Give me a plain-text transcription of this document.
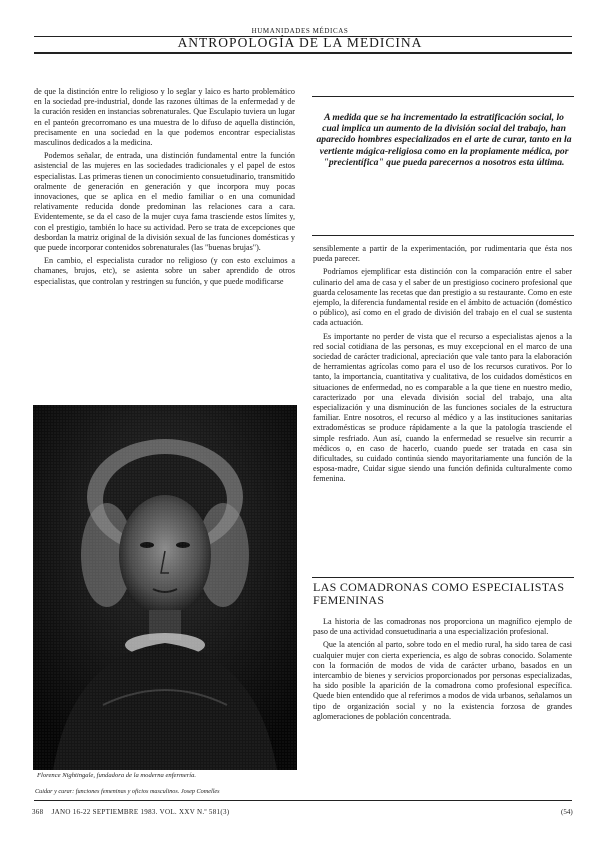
HUMANIDADES MÉDICAS
ANTROPOLOGÍA DE LA MEDICINA

de que la distinción entre lo religioso y lo seglar y laico es harto problemático en la sociedad pre-industrial, donde las razones últimas de la enfermedad y de la curación residen en instancias sobrenaturales. Que Esculapio tuviera un lugar en el panteón grecorromano es una muestra de lo difuso de aquella distinción, precisamente en una sociedad en la que podemos encontrar especialistas masculinos dedicados a la medicina.

Podemos señalar, de entrada, una distinción fundamental entre la función asistencial de las mujeres en las sociedades tradicionales y el papel de estos especialistas. Las primeras tienen un conocimiento consuetudinario, transmitido oralmente de generación en generación y que incorpora muy pocas innovaciones, que se aplica en el medio familiar o en una comunidad relativamente reducida donde predominan las relaciones cara a cara. Evidentemente, se da el caso de la mujer cuya fama trasciende estos límites y, con el prestigio, también lo hace su actividad. Pero se trata de excepciones que desbordan la matriz original de la división sexual de las funciones domésticas y que puede incorporar contenidos sobrenaturales (las "buenas brujas").

En cambio, el especialista curador no religioso (y con esto excluimos a chamanes, brujos, etc), se asienta sobre un saber aprendido de otros especialistas, que controlan y restringen su función, y que puede modificarse

A medida que se ha incrementado la estratificación social, lo cual implica un aumento de la división social del trabajo, han aparecido hombres especializados en el arte de curar, tanto en la vertiente mágica-religiosa como en la propiamente médica, por "precientífica" que pueda parecernos a nosotros esta última.

sensiblemente a partir de la experimentación, por rudimentaria que ésta nos pueda parecer.

Podríamos ejemplificar esta distinción con la comparación entre el saber culinario del ama de casa y el saber de un prestigioso cocinero profesional que guarda celosamente las recetas que dan prestigio a su restaurante. Como en este ejemplo, la diferencia fundamental reside en el ámbito de actuación (doméstico o público), así como en el grado de división del trabajo en el cual se sustenta cada actuación.

Es importante no perder de vista que el recurso a especialistas ajenos a la red social cotidiana de las personas, es muy excepcional en el marco de una sociedad de carácter tradicional, apreciación que vale tanto para la elaboración de herramientas agrícolas como para el uso de los recursos curativos. Por lo tanto, la importancia, cuantitativa y cualitativa, de los cuidados domésticos en situaciones de enfermedad, no es comparable a la que tiene en nuestro medio, caracterizado por una elevada división social del trabajo, una alta especialización y una disminución de las funciones sociales de la estructura familiar. Entre nosotros, el recurso al médico y a las instituciones sanitarias extradomésticas se produce rápidamente a la que la patología trasciende el simple resfriado. Aun así, cuando la enfermedad se resuelve sin recurrir a médicos o, en caso de hacerlo, cuando puede ser tratada en casa sin dificultades, su cuidado continúa siendo mayoritariamente una función de la esposa-madre, Cuidar sigue siendo una función definida culturalmente como femenina.

LAS COMADRONAS COMO ESPECIALISTAS FEMENINAS

La historia de las comadronas nos proporciona un magnífico ejemplo de paso de una actividad consuetudinaria a una especialización profesional.

Que la atención al parto, sobre todo en el medio rural, ha sido tarea de casi cualquier mujer con cierta experiencia, es algo de sobras conocido. Solamente con la formación de modos de vida de carácter urbano, basados en un intercambio de bienes y servicios proporcionados por personas especializadas, ha sido posible la aparición de la comadrona como profesional específica. Quede bien entendido que al referirnos a modos de vida urbanos, señalamos un tipo de organización social y no la existencia forzosa de grandes aglomeraciones de población concentrada.

Florence Nightingale, fundadora de la moderna enfermería.
Cuidar y curar: funciones femeninas y oficios masculinos. Josep Comelles
368 JANO 16-22 SEPTIEMBRE 1983. VOL. XXV N.º 581(3)	(54)
